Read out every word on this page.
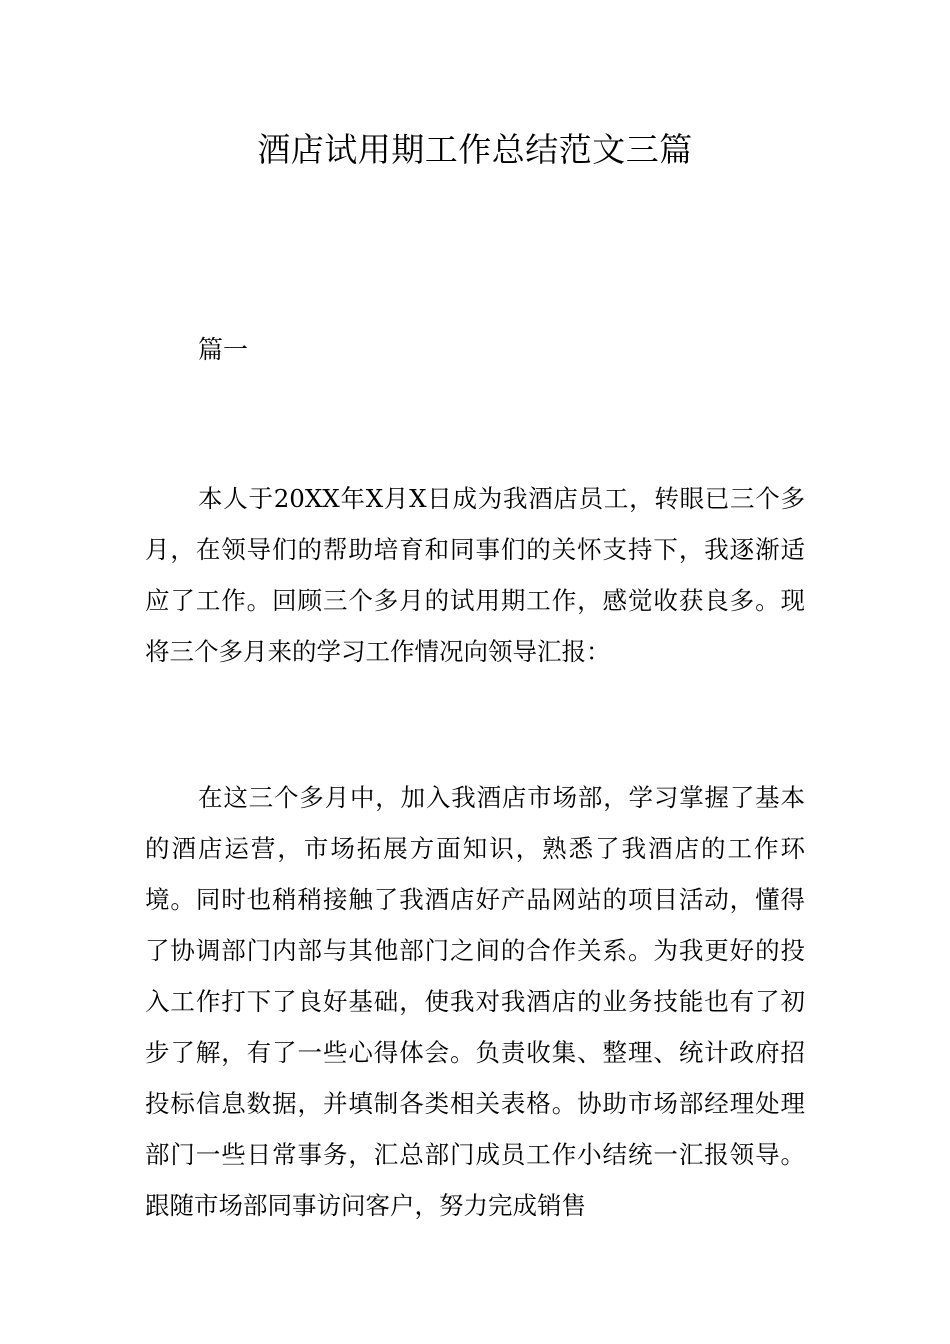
酒店试用期工作总结范文三篇

篇一

本人于20XX年X月X日成为我酒店员工，转眼已三个多月，在领导们的帮助培育和同事们的关怀支持下，我逐渐适应了工作。回顾三个多月的试用期工作，感觉收获良多。现将三个多月来的学习工作情况向领导汇报：

在这三个多月中，加入我酒店市场部，学习掌握了基本的酒店运营，市场拓展方面知识，熟悉了我酒店的工作环境。同时也稍稍接触了我酒店好产品网站的项目活动，懂得了协调部门内部与其他部门之间的合作关系。为我更好的投入工作打下了良好基础，使我对我酒店的业务技能也有了初步了解，有了一些心得体会。负责收集、整理、统计政府招投标信息数据，并填制各类相关表格。协助市场部经理处理部门一些日常事务，汇总部门成员工作小结统一汇报领导。跟随市场部同事访问客户，努力完成销售
